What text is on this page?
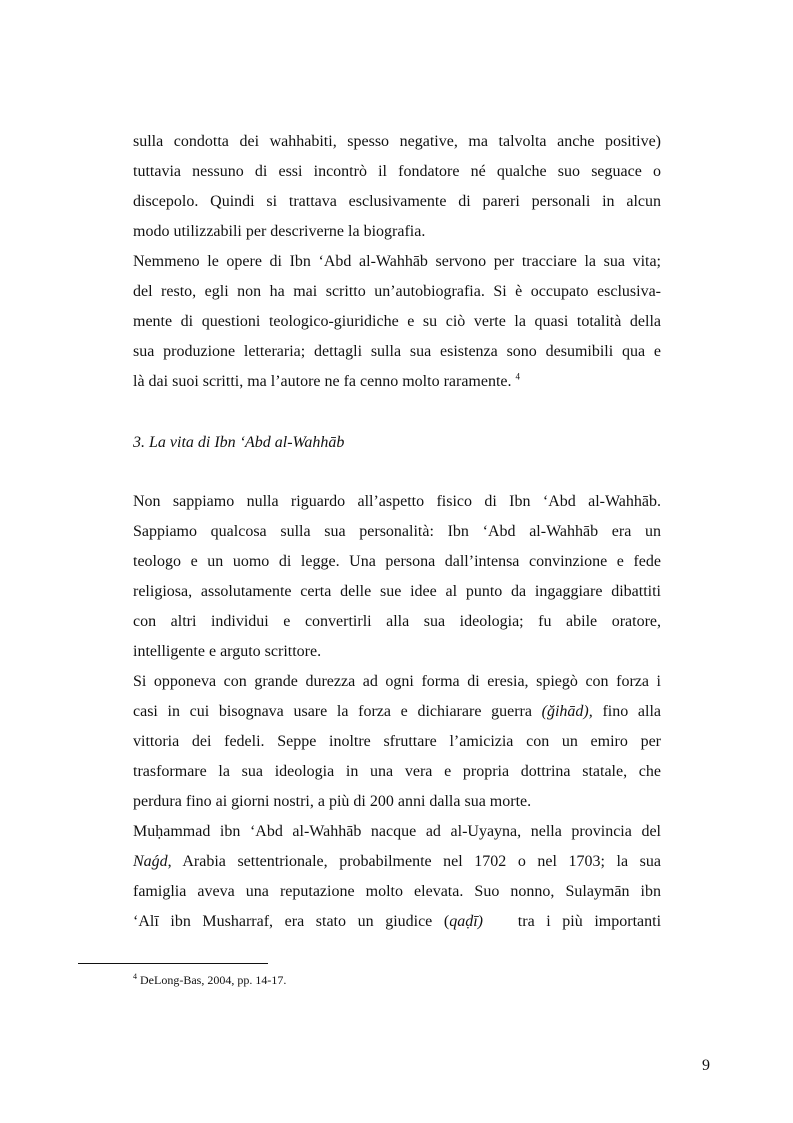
sulla condotta dei wahhabiti, spesso negative, ma talvolta anche positive)
tuttavia nessuno di essi incontrò il fondatore né qualche suo seguace o
discepolo. Quindi si trattava esclusivamente di pareri personali in alcun
modo utilizzabili per descriverne la biografia.
Nemmeno le opere di Ibn ‘Abd al-Wahhāb servono per tracciare la sua vita;
del resto, egli non ha mai scritto un’autobiografia. Si è occupato esclusiva-
mente di questioni teologico-giuridiche e su ciò verte la quasi totalità della
sua produzione letteraria; dettagli sulla sua esistenza sono desumibili qua e
là dai suoi scritti, ma l’autore ne fa cenno molto raramente. $^4$
3. La vita di Ibn ‘Abd al-Wahhāb
Non sappiamo nulla riguardo all’aspetto fisico di Ibn ‘Abd al-Wahhāb.
Sappiamo qualcosa sulla sua personalità: Ibn ‘Abd al-Wahhāb era un
teologo e un uomo di legge. Una persona dall’intensa convinzione e fede
religiosa, assolutamente certa delle sue idee al punto da ingaggiare dibattiti
con altri individui e convertirli alla sua ideologia; fu abile oratore,
intelligente e arguto scrittore.
Si opponeva con grande durezza ad ogni forma di eresia, spiegò con forza i
casi in cui bisognava usare la forza e dichiarare guerra (ğihād), fino alla
vittoria dei fedeli. Seppe inoltre sfruttare l’amicizia con un emiro per
trasformare la sua ideologia in una vera e propria dottrina statale, che
perdura fino ai giorni nostri, a più di 200 anni dalla sua morte.
Muḥammad ibn ‘Abd al-Wahhāb nacque ad al-Uyayna, nella provincia del
Naǵd, Arabia settentrionale, probabilmente nel 1702 o nel 1703; la sua
famiglia aveva una reputazione molto elevata. Suo nonno, Sulaymān ibn
‘Alī ibn Musharraf, era stato un giudice (qaḍī) tra i più importanti
$^4$ DeLong-Bas, 2004, pp. 14-17.
9
